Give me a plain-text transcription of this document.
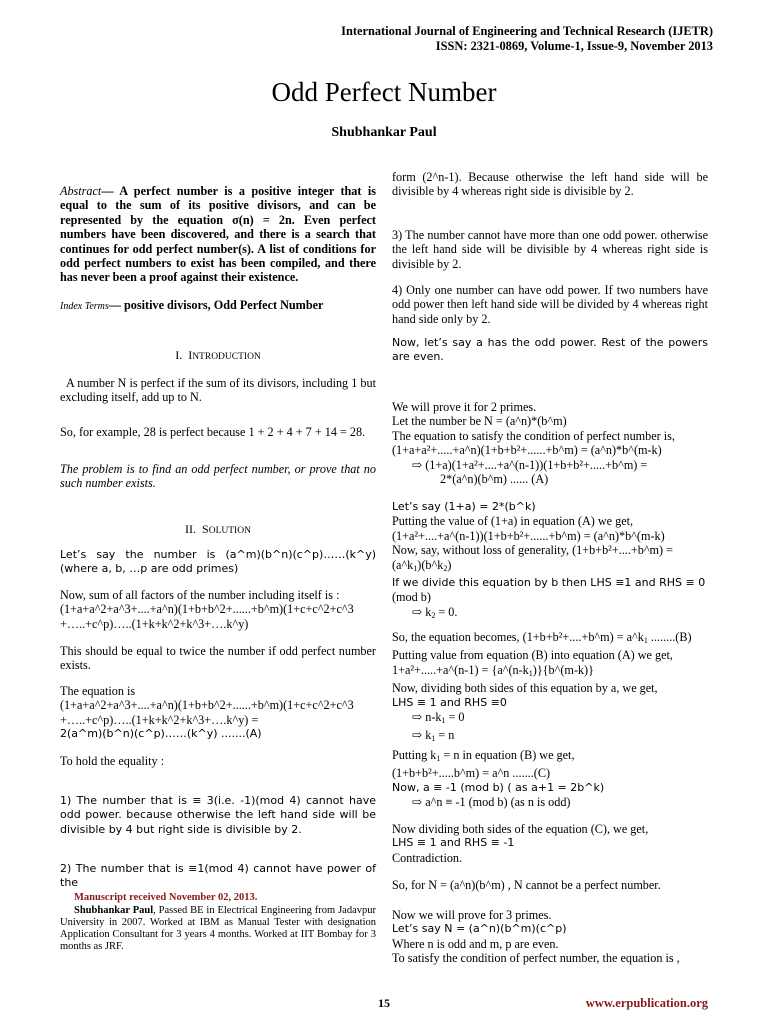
International Journal of Engineering and Technical Research (IJETR)
ISSN: 2321-0869, Volume-1, Issue-9, November 2013
Odd Perfect Number
Shubhankar Paul
Abstract— A perfect number is a positive integer that is equal to the sum of its positive divisors, and can be represented by the equation σ(n) = 2n. Even perfect numbers have been discovered, and there is a search that continues for odd perfect number(s). A list of conditions for odd perfect numbers to exist has been compiled, and there has never been a proof against their existence.
Index Terms— positive divisors, Odd Perfect Number
I. INTRODUCTION
A number N is perfect if the sum of its divisors, including 1 but excluding itself, add up to N.
So, for example, 28 is perfect because 1 + 2 + 4 + 7 + 14 = 28.
The problem is to find an odd perfect number, or prove that no such number exists.
II. SOLUTION
Let’s say the number is (a^m)(b^n)(c^p)……(k^y) (where a, b, …p are odd primes)
Now, sum of all factors of the number including itself is : (1+a+a^2+a^3+....+a^n)(1+b+b^2+......+b^m)(1+c+c^2+c^3 +…..+c^p)…..(1+k+k^2+k^3+….k^y)
This should be equal to twice the number if odd perfect number exists.
The equation is
(1+a+a^2+a^3+....+a^n)(1+b+b^2+......+b^m)(1+c+c^2+c^3 +…..+c^p)…..(1+k+k^2+k^3+….k^y) =
2(a^m)(b^n)(c^p)……(k^y) .......(A)
To hold the equality :
1) The number that is ≡ 3(i.e. -1)(mod 4) cannot have odd power. because otherwise the left hand side will be divisible by 4 but right side is divisible by 2.
2) The number that is ≡1(mod 4) cannot have power of the
form (2^n-1). Because otherwise the left hand side will be divisible by 4 whereas right side is divisible by 2.
3) The number cannot have more than one odd power. otherwise the left hand side will be divisible by 4 whereas right side is divisible by 2.
4) Only one number can have odd power. If two numbers have odd power then left hand side will be divided by 4 whereas right hand side only by 2.
Now, let’s say a has the odd power. Rest of the powers are even.
We will prove it for 2 primes.
Let the number be N = (a^n)*(b^m)
The equation to satisfy the condition of perfect number is,
(1+a+a²+.....+a^n)(1+b+b²+......+b^m) = (a^n)*b^(m-k)
⇨ (1+a)(1+a²+....+a^(n-1))(1+b+b²+.....+b^m) =
2*(a^n)(b^m) ...... (A)
Let’s say (1+a) = 2*(b^k)
Putting the value of (1+a) in equation (A) we get,
(1+a²+....+a^(n-1))(1+b+b²+......+b^m) = (a^n)*b^(m-k)
Now, say, without loss of generality, (1+b+b²+....+b^m) =
$(a\^{}k_1)(b\^{}k_2)$
If we divide this equation by b then LHS ≡1 and RHS ≡ 0
(mod b)
⇨ $k_2 = 0$.
So, the equation becomes, (1+b+b²+....+b^m) = $a\^{}k_1$ ........(B)
Putting value from equation (B) into equation (A) we get,
1+a²+.....+a^(n-1) = $\{a\^{}(n-k_1)\}\{b\^{}(m-k)\}$
Now, dividing both sides of this equation by a, we get,
LHS ≡ 1 and RHS ≡0
⇨ $n-k_1 = 0$
⇨ $k_1 = n$
Putting $k_1 = n$ in equation (B) we get,
(1+b+b²+.....b^m) = a^n .......(C)
Now, a ≡ -1 (mod b) ( as a+1 = 2b^k)
⇨ a^n ≡ -1 (mod b) (as n is odd)
Now dividing both sides of the equation (C), we get,
LHS ≡ 1 and RHS ≡ -1
Contradiction.
So, for N = (a^n)(b^m) , N cannot be a perfect number.
Now we will prove for 3 primes.
Let’s say N = (a^n)(b^m)(c^p)
Where n is odd and m, p are even.
To satisfy the condition of perfect number, the equation is ,
Manuscript received November 02, 2013.
Shubhankar Paul, Passed BE in Electrical Engineering from Jadavpur University in 2007. Worked at IBM as Manual Tester with designation Application Consultant for 3 years 4 months. Worked at IIT Bombay for 3 months as JRF.
15	www.erpublication.org
